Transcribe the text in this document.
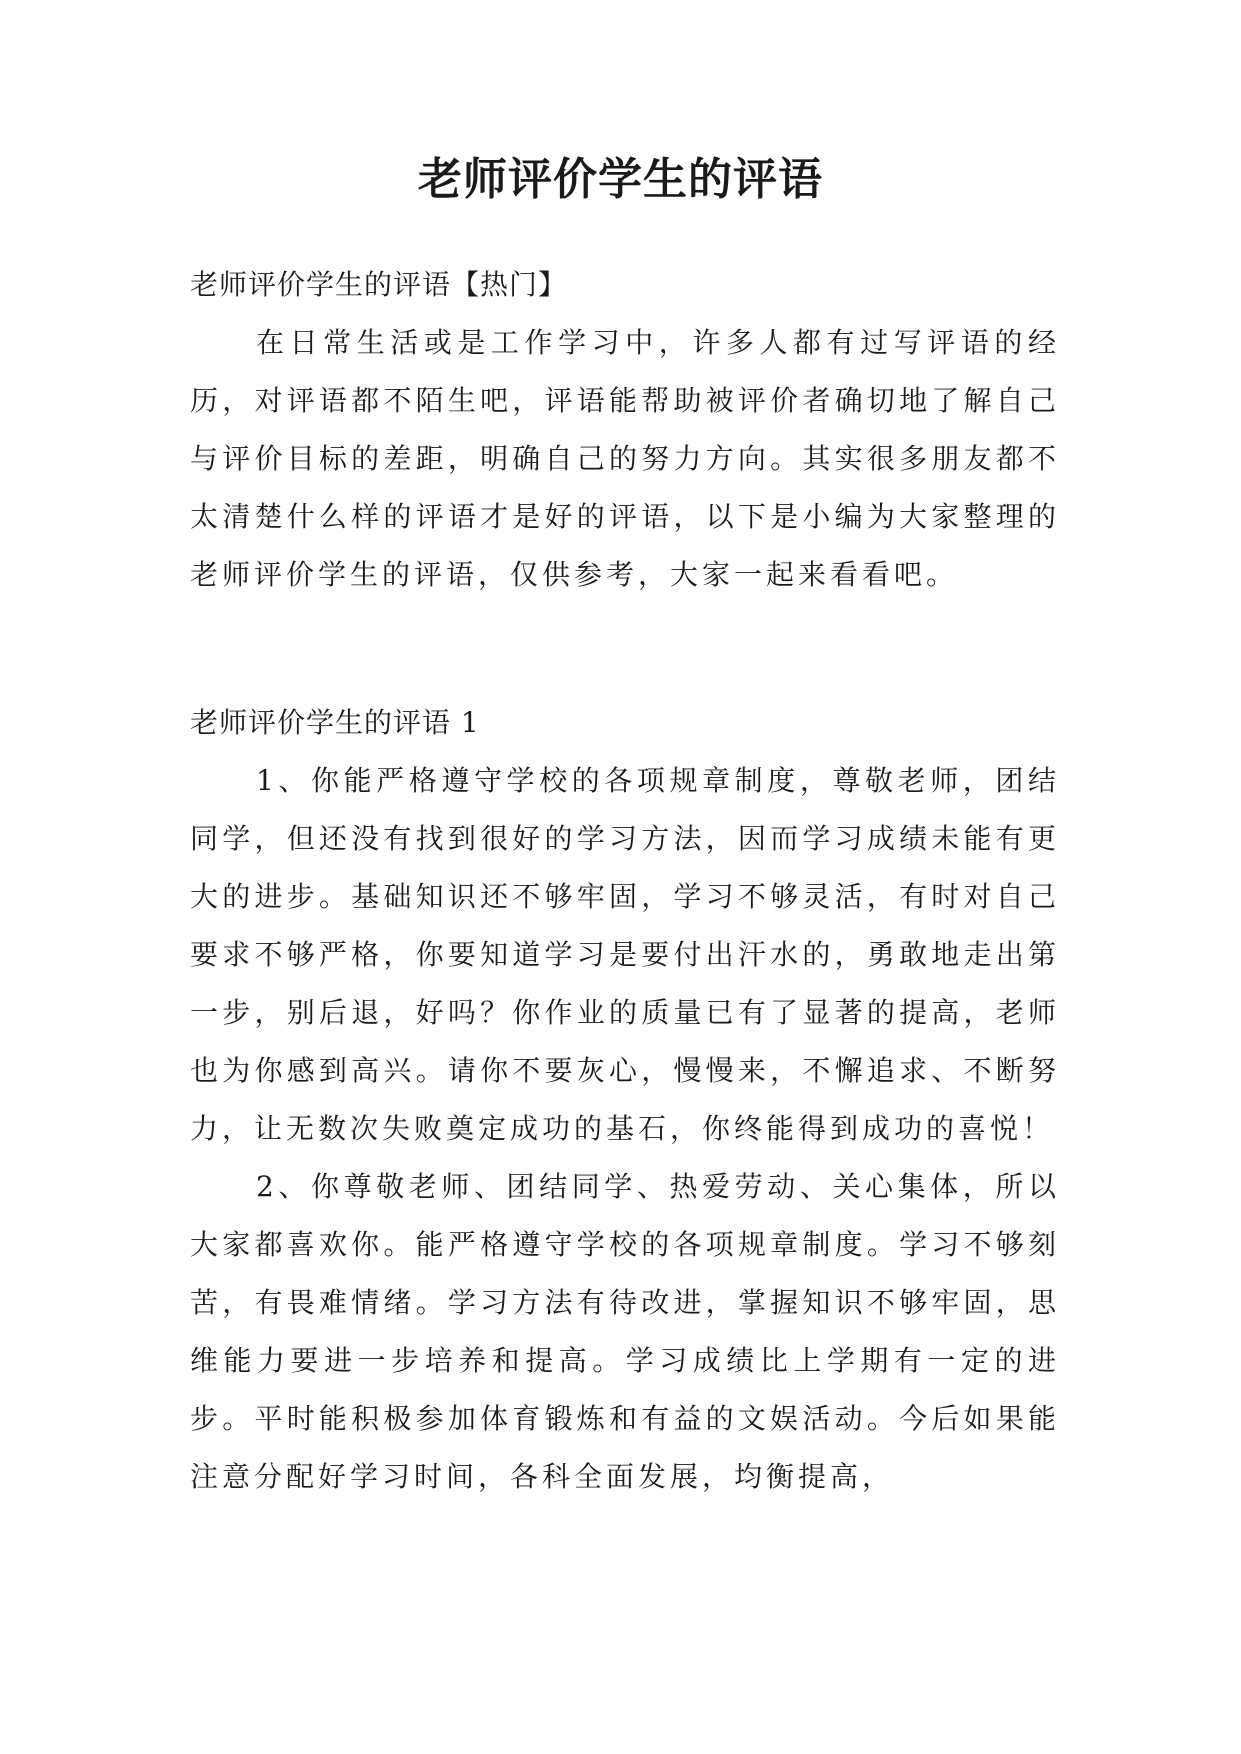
老师评价学生的评语

老师评价学生的评语【热门】

在日常生活或是工作学习中，许多人都有过写评语的经历，对评语都不陌生吧，评语能帮助被评价者确切地了解自己与评价目标的差距，明确自己的努力方向。其实很多朋友都不太清楚什么样的评语才是好的评语，以下是小编为大家整理的老师评价学生的评语，仅供参考，大家一起来看看吧。

老师评价学生的评语 1

1、你能严格遵守学校的各项规章制度，尊敬老师，团结同学，但还没有找到很好的学习方法，因而学习成绩未能有更大的进步。基础知识还不够牢固，学习不够灵活，有时对自己要求不够严格，你要知道学习是要付出汗水的，勇敢地走出第一步，别后退，好吗？你作业的质量已有了显著的提高，老师也为你感到高兴。请你不要灰心，慢慢来，不懈追求、不断努力，让无数次失败奠定成功的基石，你终能得到成功的喜悦！

2、你尊敬老师、团结同学、热爱劳动、关心集体，所以大家都喜欢你。能严格遵守学校的各项规章制度。学习不够刻苦，有畏难情绪。学习方法有待改进，掌握知识不够牢固，思维能力要进一步培养和提高。学习成绩比上学期有一定的进步。平时能积极参加体育锻炼和有益的文娱活动。今后如果能注意分配好学习时间，各科全面发展，均衡提高，
